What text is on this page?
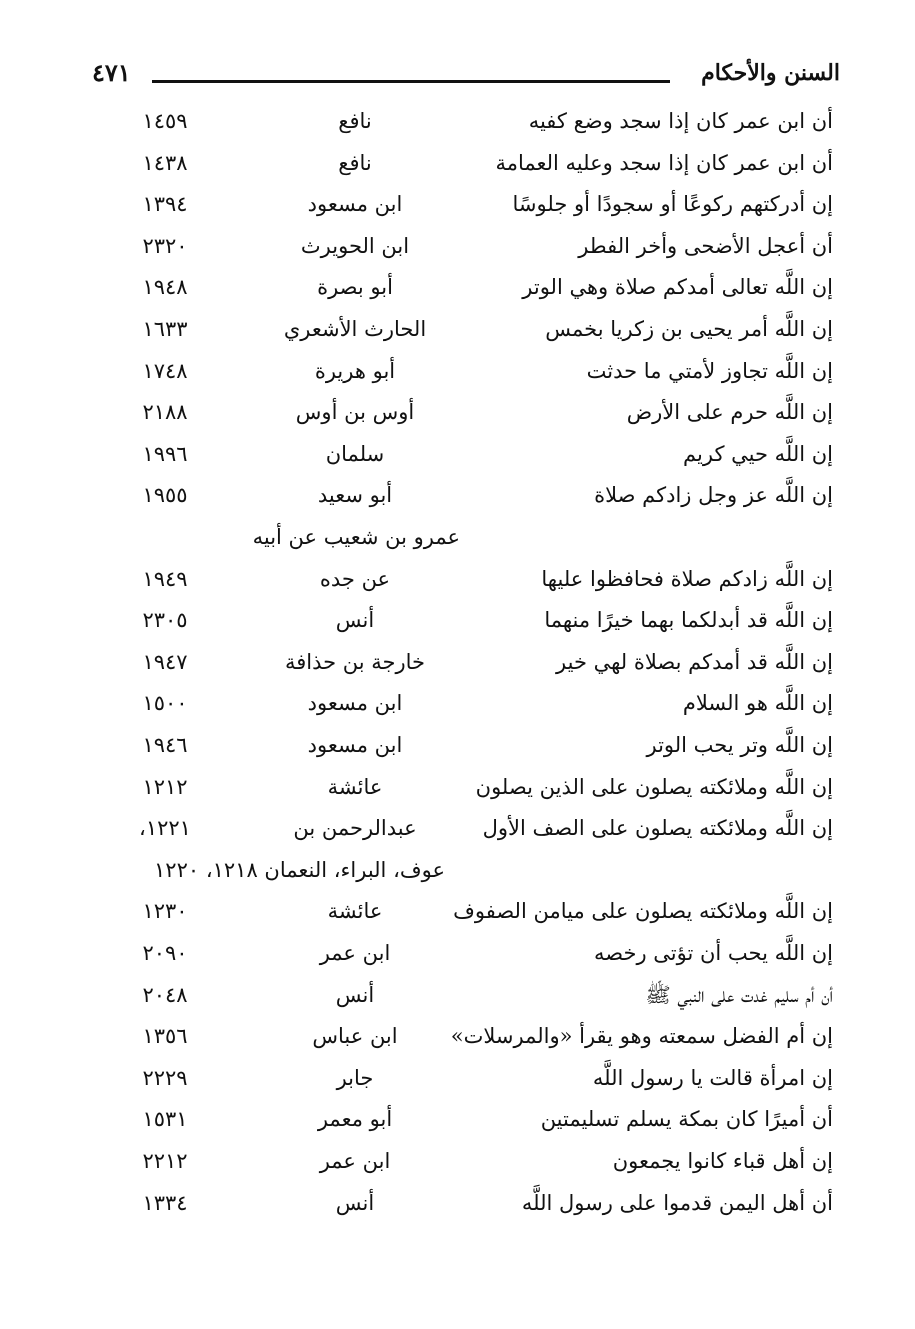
السنن والأحكام
٤٧١
أن ابن عمر كان إذا سجد وضع كفيه
نافع
١٤٥٩
أن ابن عمر كان إذا سجد وعليه العمامة
نافع
١٤٣٨
إن أدركتهم ركوعًا أو سجودًا أو جلوسًا
ابن مسعود
١٣٩٤
أن أعجل الأضحى وأخر الفطر
ابن الحويرث
٢٣٢٠
إن اللَّه تعالى أمدكم صلاة وهي الوتر
أبو بصرة
١٩٤٨
إن اللَّه أمر يحيى بن زكريا بخمس
الحارث الأشعري
١٦٣٣
إن اللَّه تجاوز لأمتي ما حدثت
أبو هريرة
١٧٤٨
إن اللَّه حرم على الأرض
أوس بن أوس
٢١٨٨
إن اللَّه حيي كريم
سلمان
١٩٩٦
إن اللَّه عز وجل زادكم صلاة
أبو سعيد
١٩٥٥
عمرو بن شعيب عن أبيه
إن اللَّه زادكم صلاة فحافظوا عليها
عن جده
١٩٤٩
إن اللَّه قد أبدلكما بهما خيرًا منهما
أنس
٢٣٠٥
إن اللَّه قد أمدكم بصلاة لهي خير
خارجة بن حذافة
١٩٤٧
إن اللَّه هو السلام
ابن مسعود
١٥٠٠
إن اللَّه وتر يحب الوتر
ابن مسعود
١٩٤٦
إن اللَّه وملائكته يصلون على الذين يصلون
عائشة
١٢١٢
إن اللَّه وملائكته يصلون على الصف الأول
عبدالرحمن بن
١٢٢١،
عوف، البراء، النعمان ١٢١٨، ١٢٢٠
إن اللَّه وملائكته يصلون على ميامن الصفوف
عائشة
١٢٣٠
إن اللَّه يحب أن تؤتى رخصه
ابن عمر
٢٠٩٠
أن أم سليم غدت على النبي ﷺ
أنس
٢٠٤٨
إن أم الفضل سمعته وهو يقرأ «والمرسلات»
ابن عباس
١٣٥٦
إن امرأة قالت يا رسول اللَّه
جابر
٢٢٢٩
أن أميرًا كان بمكة يسلم تسليمتين
أبو معمر
١٥٣١
إن أهل قباء كانوا يجمعون
ابن عمر
٢٢١٢
أن أهل اليمن قدموا على رسول اللَّه
أنس
١٣٣٤
